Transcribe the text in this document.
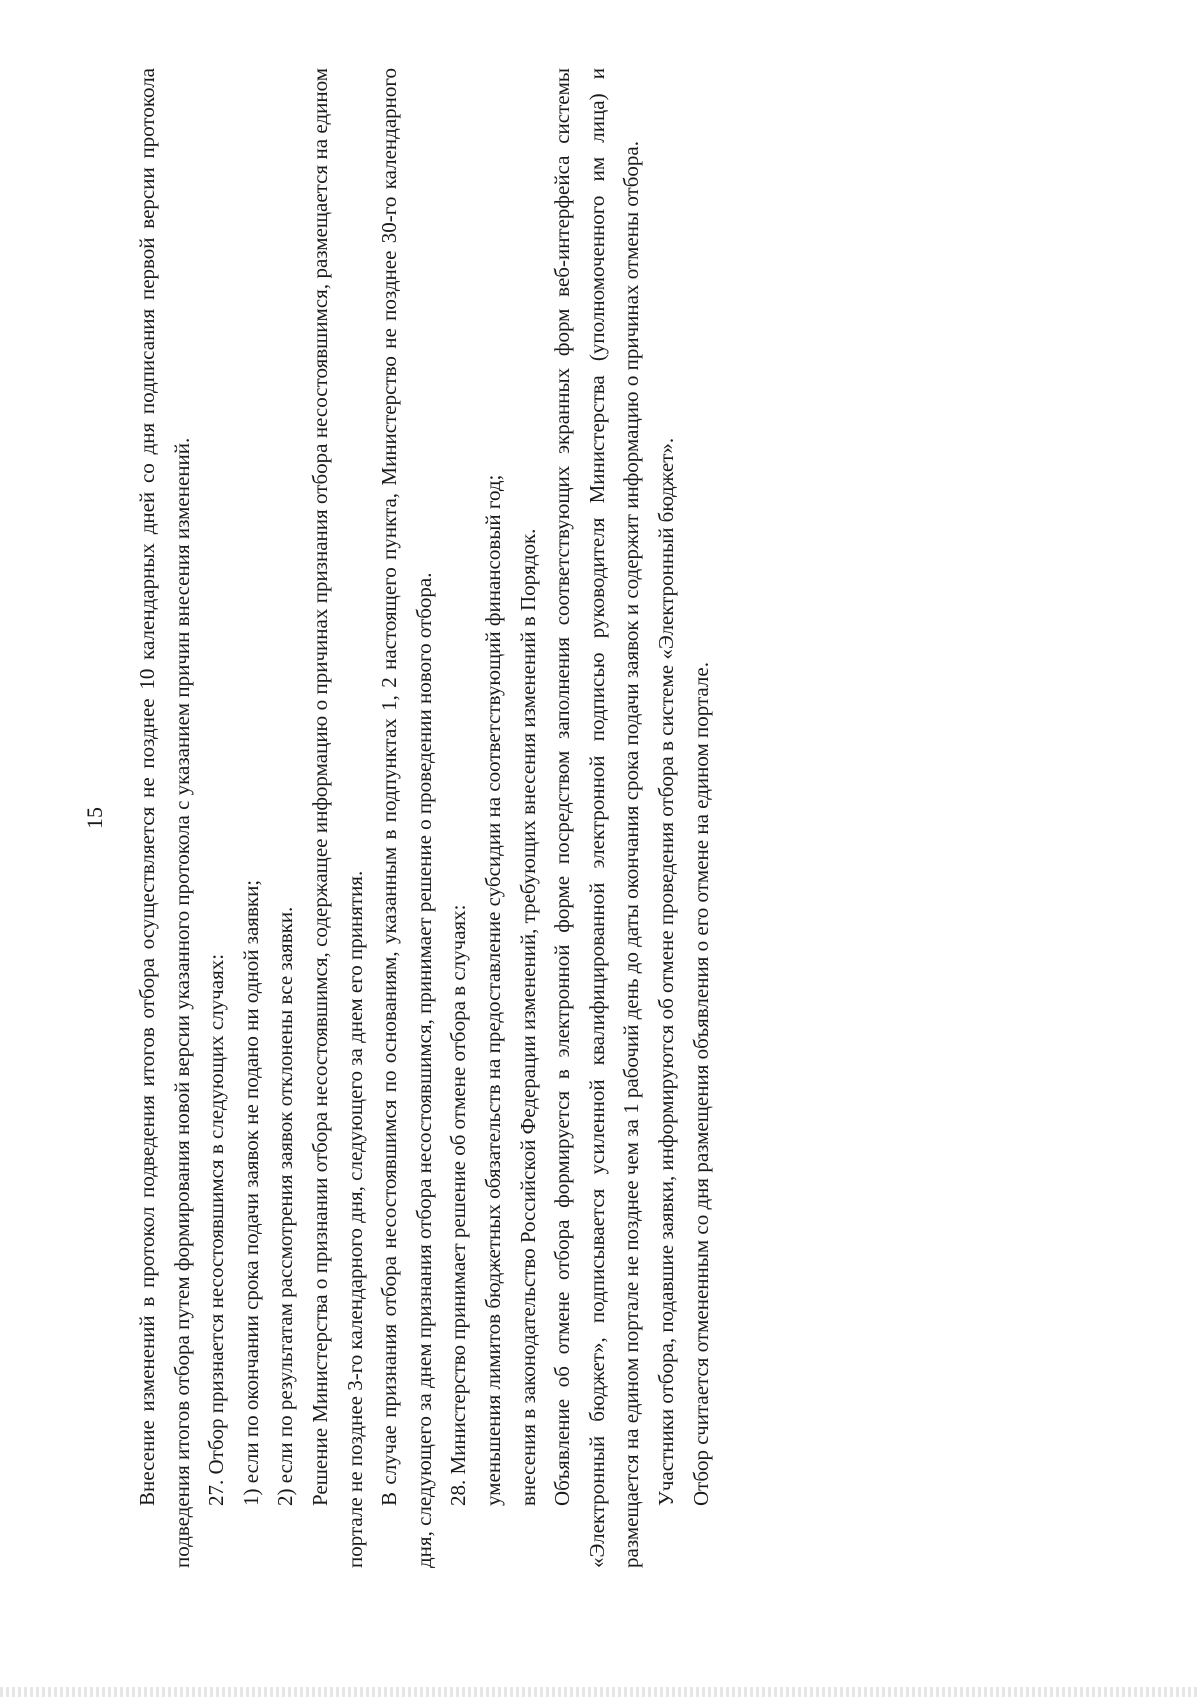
15 Внесение изменений в протокол подведения итогов отбора осуществляется не позднее 10 календарных дней со дня подписания первой версии протокола подведения итогов отбора путем формирования новой версии указанного протокола с указанием причин внесения изменений. 27. Отбор признается несостоявшимся в следующих случаях: 1) если по окончании срока подачи заявок не подано ни одной заявки; 2) если по результатам рассмотрения заявок отклонены все заявки. Решение Министерства о признании отбора несостоявшимся, содержащее информацию о причинах признания отбора несостоявшимся, размещается на едином портале не позднее 3-го календарного дня, следующего за днем его принятия. В случае признания отбора несостоявшимся по основаниям, указанным в подпунктах 1, 2 настоящего пункта, Министерство не позднее 30-го календарного дня, следующего за днем признания отбора несостоявшимся, принимает решение о проведении нового отбора. 28. Министерство принимает решение об отмене отбора в случаях: уменьшения лимитов бюджетных обязательств на предоставление субсидии на соответствующий финансовый год; внесения в законодательство Российской Федерации изменений, требующих внесения изменений в Порядок. Объявление об отмене отбора формируется в электронной форме посредством заполнения соответствующих экранных форм веб-интерфейса системы «Электронный бюджет», подписывается усиленной квалифицированной электронной подписью руководителя Министерства (уполномоченного им лица) и размещается на едином портале не позднее чем за 1 рабочий день до даты окончания срока подачи заявок и содержит информацию о причинах отмены отбора. Участники отбора, подавшие заявки, информируются об отмене проведения отбора в системе «Электронный бюджет». Отбор считается отмененным со дня размещения объявления о его отмене на едином портале.
